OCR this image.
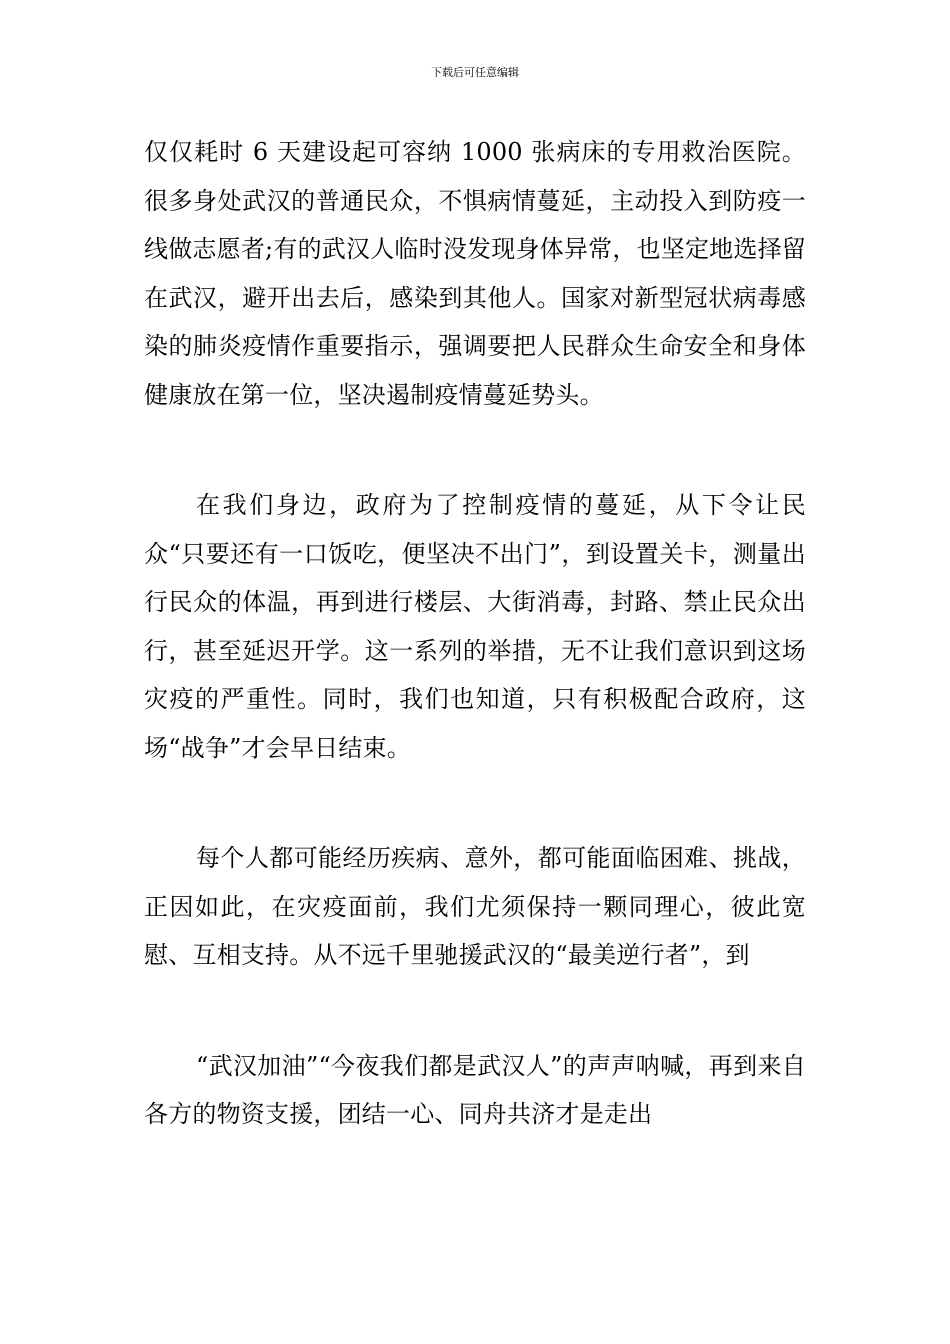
下载后可任意编辑

仅仅耗时 6 天建设起可容纳 1000 张病床的专用救治医院。很多身处武汉的普通民众，不惧病情蔓延，主动投入到防疫一线做志愿者;有的武汉人临时没发现身体异常，也坚定地选择留在武汉，避开出去后，感染到其他人。国家对新型冠状病毒感染的肺炎疫情作重要指示，强调要把人民群众生命安全和身体健康放在第一位，坚决遏制疫情蔓延势头。

在我们身边，政府为了控制疫情的蔓延，从下令让民众“只要还有一口饭吃，便坚决不出门”，到设置关卡，测量出行民众的体温，再到进行楼层、大街消毒，封路、禁止民众出行，甚至延迟开学。这一系列的举措，无不让我们意识到这场灾疫的严重性。同时，我们也知道，只有积极配合政府，这场“战争”才会早日结束。

每个人都可能经历疾病、意外，都可能面临困难、挑战，正因如此，在灾疫面前，我们尤须保持一颗同理心，彼此宽慰、互相支持。从不远千里驰援武汉的“最美逆行者”，到

“武汉加油”“今夜我们都是武汉人”的声声呐喊，再到来自各方的物资支援，团结一心、同舟共济才是走出
